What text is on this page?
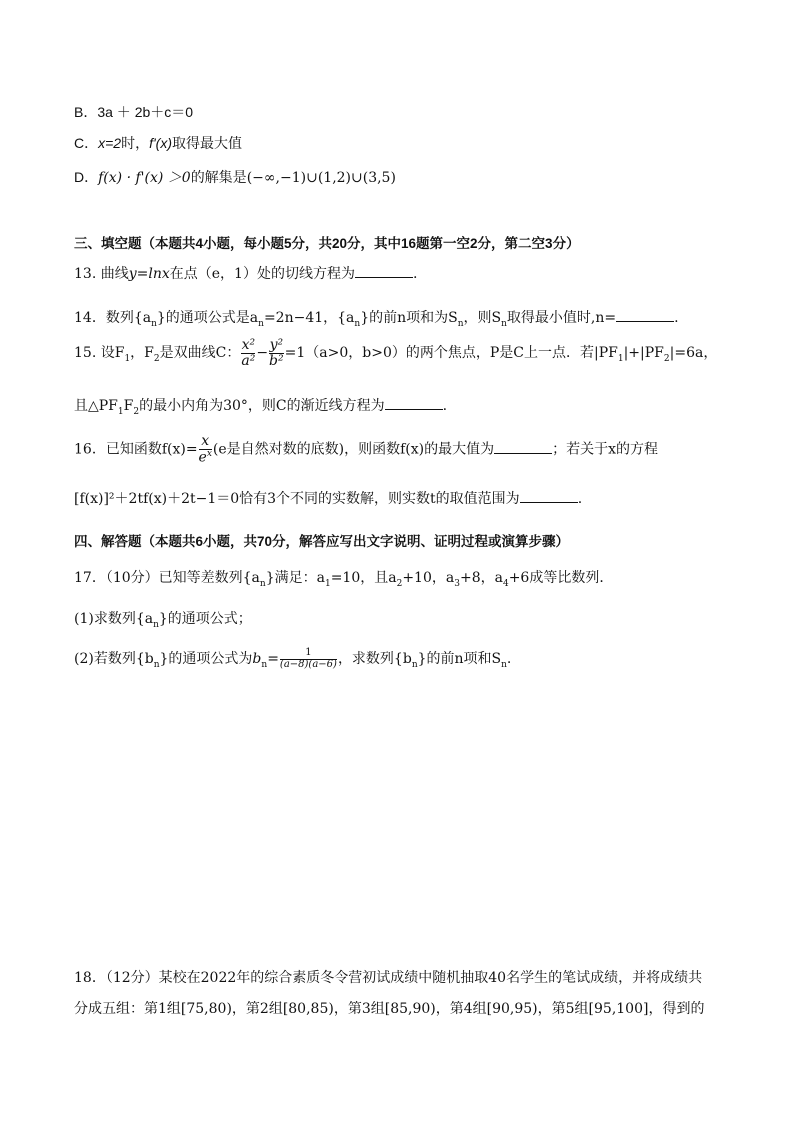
B．3a ＋ 2b＋c＝0
C．x=2时，f'(x)取得最大值
D．f(x) · f'(x) ＞0的解集是(−∞,−1)∪(1,2)∪(3,5)
三、填空题（本题共4小题，每小题5分，共20分，其中16题第一空2分，第二空3分）
13. 曲线y=lnx在点（e，1）处的切线方程为	.
14．数列$\{a_n\}$的通项公式是$a_n=2n-41$，$\{a_n\}$的前n项和为$S_n$，则$S_n$取得最小值时,n=	.
15. 设$F_1$，$F_2$是双曲线C： $\frac{\text{x²}}{\text{a²}} - \frac{\text{y²}}{\text{b²}} =1(a>0$，b>0）的两个焦点，P是C上一点．若$|PF_1|+|PF_2|=6a$，
且$\triangle PF_1F_2$的最小内角为30°，则C的渐近线方程为	.
16．已知函数$f(x)= \frac{x}{e^x} (e$是自然对数的底数)，则函数f(x)的最大值为	；若关于x的方程
[f(x)]²＋2tf(x)＋2t−1＝0恰有3个不同的实数解，则实数t的取值范围为	.
四、解答题（本题共6小题，共70分，解答应写出文字说明、证明过程或演算步骤）
17．（10分）已知等差数列$\{a_n\}$满足：$a_1=10$，且$a_2+10$，$a_3+8$，$a_4+6$成等比数列．
(1)求数列$\{a_n\}$的通项公式；
(2)若数列$\{b_n\}$的通项公式为$b_n= \frac{1}{(a-8)(a-6)}$ ，求数列$\{b_n\}$的前n项和$S_n$.
18．（12分）某校在2022年的综合素质冬令营初试成绩中随机抽取40名学生的笔试成绩，并将成绩共
分成五组：第1组[75,80)，第2组[80,85)，第3组[85,90)，第4组[90,95)，第5组[95,100]，得到的
